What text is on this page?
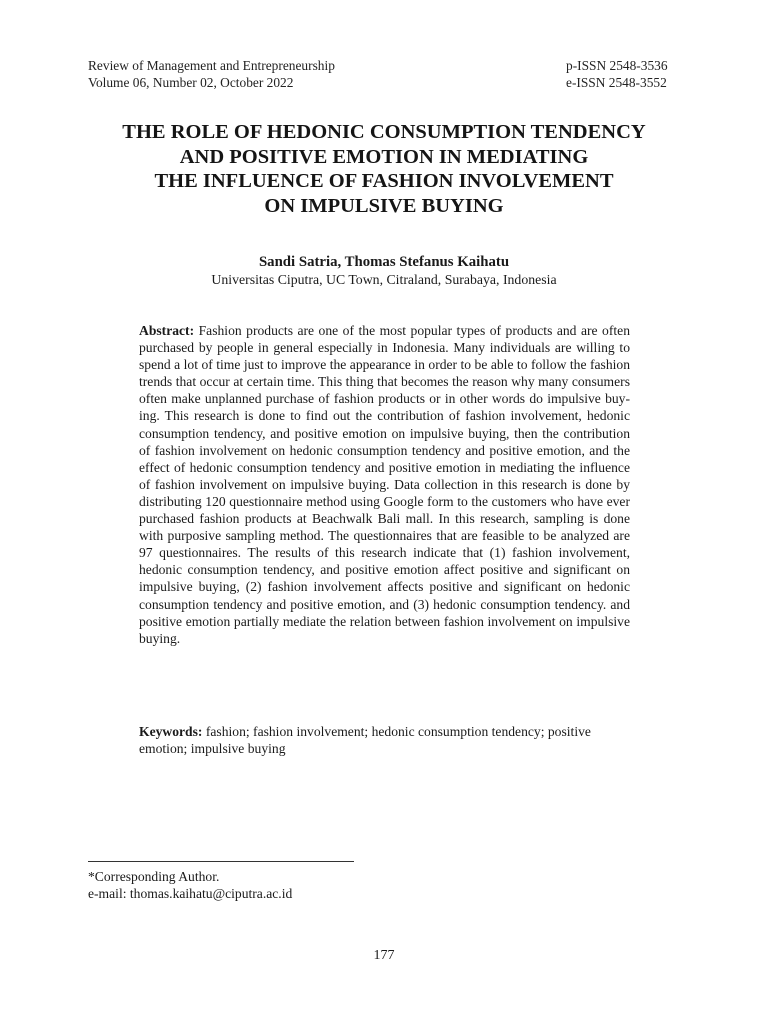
Review of Management and Entrepreneurship
Volume 06, Number 02, October 2022
p-ISSN 2548-3536
e-ISSN 2548-3552
THE ROLE OF HEDONIC CONSUMPTION TENDENCY
AND POSITIVE EMOTION IN MEDIATING
THE INFLUENCE OF FASHION INVOLVEMENT
ON IMPULSIVE BUYING
Sandi Satria, Thomas Stefanus Kaihatu
Universitas Ciputra, UC Town, Citraland, Surabaya, Indonesia
Abstract: Fashion products are one of the most popular types of products and are often purchased by people in general especially in Indonesia. Many individuals are willing to spend a lot of time just to improve the appearance in order to be able to follow the fashion trends that occur at certain time. This thing that becomes the reason why many consumers often make unplanned purchase of fashion products or in other words do impulsive buying. This research is done to find out the contribution of fashion involvement, hedonic consumption tendency, and positive emotion on impulsive buying, then the contribution of fashion involvement on hedonic consumption tendency and positive emotion, and the effect of hedonic consumption tendency and positive emotion in mediating the influence of fashion involvement on impulsive buying. Data collection in this research is done by distributing 120 questionnaire method using Google form to the customers who have ever purchased fashion products at Beachwalk Bali mall. In this research, sampling is done with purposive sampling method. The questionnaires that are feasible to be analyzed are 97 questionnaires. The results of this research indicate that (1) fashion involvement, hedonic consumption tendency, and positive emotion affect positive and significant on impulsive buying, (2) fashion involvement affects positive and significant on hedonic consumption tendency and positive emotion, and (3) hedonic consumption tendency. and positive emotion partially mediate the relation between fashion involvement on impulsive buying.
Keywords: fashion; fashion involvement; hedonic consumption tendency; positive emotion; impulsive buying
*Corresponding Author.
e-mail: thomas.kaihatu@ciputra.ac.id
177
